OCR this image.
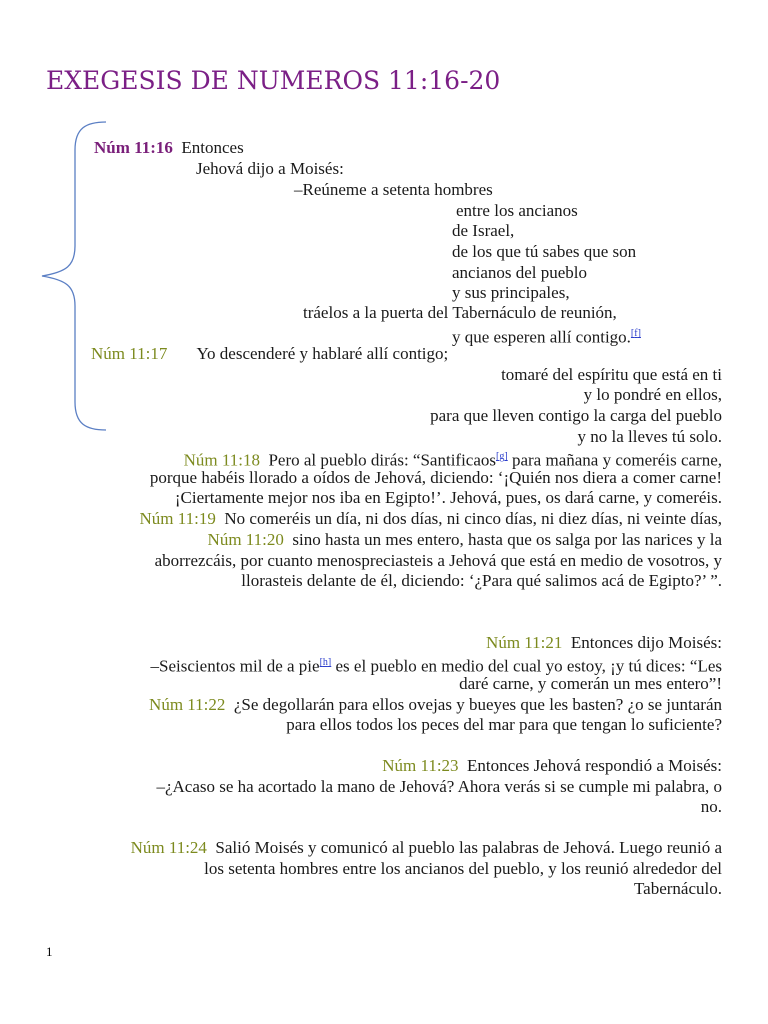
EXEGESIS DE NUMEROS 11:16-20
Núm 11:16 Entonces
Jehová dijo a Moisés:
–Reúneme a setenta hombres
entre los ancianos
de Israel,
de los que tú sabes que son
ancianos del pueblo
y sus principales,
tráelos a la puerta del Tabernáculo de reunión,
y que esperen allí contigo. [ $^f$ ]
Núm 11:17 Yo descenderé y hablaré allí contigo;
tomaré del espíritu que está en ti
y lo pondré en ellos,
para que lleven contigo la carga del pueblo
y no la lleves tú solo.
Núm 11:18 Pero al pueblo dirás: “Santificaos [ $^g$ ] para mañana y comeréis carne,
porque habéis llorado a oídos de Jehová, diciendo: ‘¡Quién nos diera a comer carne!
¡Ciertamente mejor nos iba en Egipto!’. Jehová, pues, os dará carne, y comeréis.
Núm 11:19 No comeréis un día, ni dos días, ni cinco días, ni diez días, ni veinte días,
Núm 11:20 sino hasta un mes entero, hasta que os salga por las narices y la
aborrezcáis, por cuanto menospreciasteis a Jehová que está en medio de vosotros, y
llorasteis delante de él, diciendo: ‘¿Para qué salimos acá de Egipto?’ ”.
Núm 11:21 Entonces dijo Moisés:
–Seiscientos mil de a pie [ $^h$ ] es el pueblo en medio del cual yo estoy, ¡y tú dices: “Les
daré carne, y comerán un mes entero”!
Núm 11:22 ¿Se degollarán para ellos ovejas y bueyes que les basten? ¿o se juntarán
para ellos todos los peces del mar para que tengan lo suficiente?
Núm 11:23 Entonces Jehová respondió a Moisés:
–¿Acaso se ha acortado la mano de Jehová? Ahora verás si se cumple mi palabra, o
no.
Núm 11:24 Salió Moisés y comunicó al pueblo las palabras de Jehová. Luego reunió a
los setenta hombres entre los ancianos del pueblo, y los reunió alrededor del
Tabernáculo.
1
